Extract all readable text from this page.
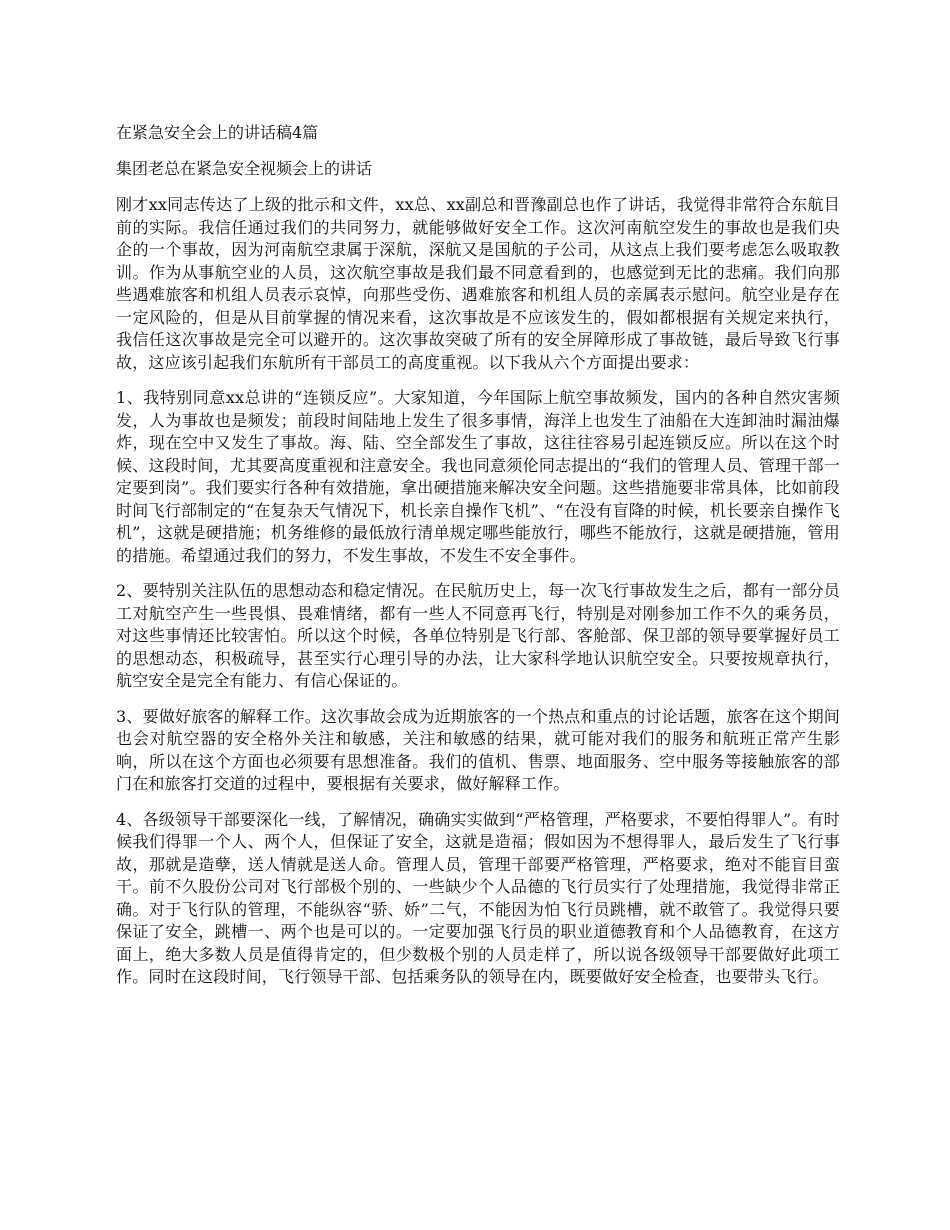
在紧急安全会上的讲话稿4篇
集团老总在紧急安全视频会上的讲话

刚才xx同志传达了上级的批示和文件，xx总、xx副总和晋豫副总也作了讲话，我觉得非常符合东航目前的实际。我信任通过我们的共同努力，就能够做好安全工作。这次河南航空发生的事故也是我们央企的一个事故，因为河南航空隶属于深航，深航又是国航的子公司，从这点上我们要考虑怎么吸取教训。作为从事航空业的人员，这次航空事故是我们最不同意看到的，也感觉到无比的悲痛。我们向那些遇难旅客和机组人员表示哀悼，向那些受伤、遇难旅客和机组人员的亲属表示慰问。航空业是存在一定风险的，但是从目前掌握的情况来看，这次事故是不应该发生的，假如都根据有关规定来执行，我信任这次事故是完全可以避开的。这次事故突破了所有的安全屏障形成了事故链，最后导致飞行事故，这应该引起我们东航所有干部员工的高度重视。以下我从六个方面提出要求：

1、我特别同意xx总讲的“连锁反应”。大家知道，今年国际上航空事故频发，国内的各种自然灾害频发，人为事故也是频发；前段时间陆地上发生了很多事情，海洋上也发生了油船在大连卸油时漏油爆炸，现在空中又发生了事故。海、陆、空全部发生了事故，这往往容易引起连锁反应。所以在这个时候、这段时间，尤其要高度重视和注意安全。我也同意须伦同志提出的“我们的管理人员、管理干部一定要到岗”。我们要实行各种有效措施，拿出硬措施来解决安全问题。这些措施要非常具体，比如前段时间飞行部制定的“在复杂天气情况下，机长亲自操作飞机”、“在没有盲降的时候，机长要亲自操作飞机”，这就是硬措施；机务维修的最低放行清单规定哪些能放行，哪些不能放行，这就是硬措施，管用的措施。希望通过我们的努力，不发生事故，不发生不安全事件。

2、要特别关注队伍的思想动态和稳定情况。在民航历史上，每一次飞行事故发生之后，都有一部分员工对航空产生一些畏惧、畏难情绪，都有一些人不同意再飞行，特别是对刚参加工作不久的乘务员，对这些事情还比较害怕。所以这个时候，各单位特别是飞行部、客舱部、保卫部的领导要掌握好员工的思想动态，积极疏导，甚至实行心理引导的办法，让大家科学地认识航空安全。只要按规章执行，航空安全是完全有能力、有信心保证的。

3、要做好旅客的解释工作。这次事故会成为近期旅客的一个热点和重点的讨论话题，旅客在这个期间也会对航空器的安全格外关注和敏感，关注和敏感的结果，就可能对我们的服务和航班正常产生影响，所以在这个方面也必须要有思想准备。我们的值机、售票、地面服务、空中服务等接触旅客的部门在和旅客打交道的过程中，要根据有关要求，做好解释工作。

4、各级领导干部要深化一线，了解情况，确确实实做到“严格管理，严格要求，不要怕得罪人”。有时候我们得罪一个人、两个人，但保证了安全，这就是造福；假如因为不想得罪人，最后发生了飞行事故，那就是造孽，送人情就是送人命。管理人员，管理干部要严格管理，严格要求，绝对不能盲目蛮干。前不久股份公司对飞行部极个别的、一些缺少个人品德的飞行员实行了处理措施，我觉得非常正确。对于飞行队的管理，不能纵容“骄、娇”二气，不能因为怕飞行员跳槽，就不敢管了。我觉得只要保证了安全，跳槽一、两个也是可以的。一定要加强飞行员的职业道德教育和个人品德教育，在这方面上，绝大多数人员是值得肯定的，但少数极个别的人员走样了，所以说各级领导干部要做好此项工作。同时在这段时间，飞行领导干部、包括乘务队的领导在内，既要做好安全检查，也要带头飞行。
